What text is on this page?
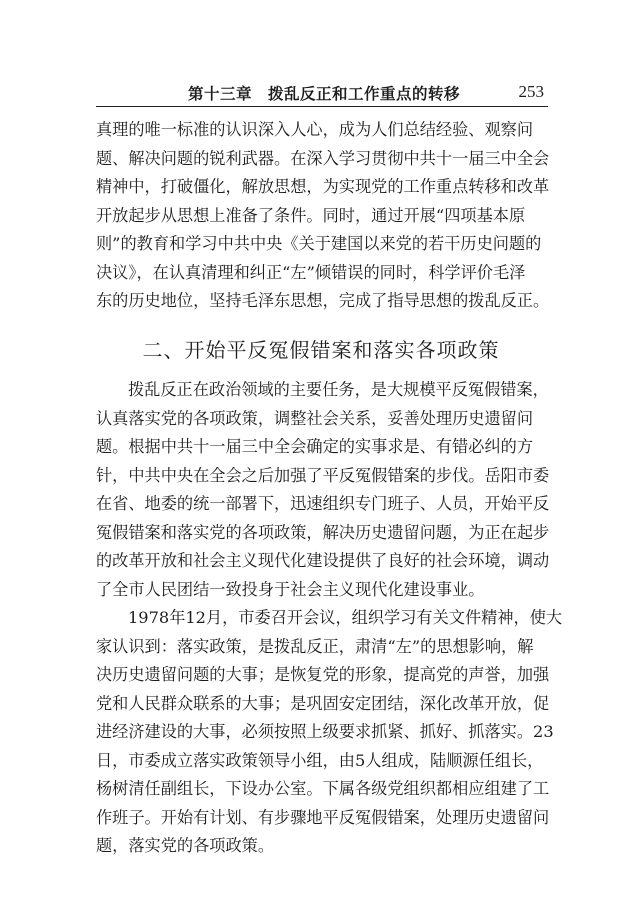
第十三章　拨乱反正和工作重点的转移	253
真理的唯一标准的认识深入人心，成为人们总结经验、观察问
题、解决问题的锐利武器。在深入学习贯彻中共十一届三中全会
精神中，打破僵化，解放思想，为实现党的工作重点转移和改革
开放起步从思想上准备了条件。同时，通过开展“四项基本原
则”的教育和学习中共中央《关于建国以来党的若干历史问题的
决议》，在认真清理和纠正“左”倾错误的同时，科学评价毛泽
东的历史地位，坚持毛泽东思想，完成了指导思想的拨乱反正。
二、开始平反冤假错案和落实各项政策
拨乱反正在政治领域的主要任务，是大规模平反冤假错案，
认真落实党的各项政策，调整社会关系，妥善处理历史遗留问
题。根据中共十一届三中全会确定的实事求是、有错必纠的方
针，中共中央在全会之后加强了平反冤假错案的步伐。岳阳市委
在省、地委的统一部署下，迅速组织专门班子、人员，开始平反
冤假错案和落实党的各项政策，解决历史遗留问题，为正在起步
的改革开放和社会主义现代化建设提供了良好的社会环境，调动
了全市人民团结一致投身于社会主义现代化建设事业。
1978年12月，市委召开会议，组织学习有关文件精神，使大
家认识到：落实政策，是拨乱反正，肃清“左”的思想影响，解
决历史遗留问题的大事；是恢复党的形象，提高党的声誉，加强
党和人民群众联系的大事；是巩固安定团结，深化改革开放，促
进经济建设的大事，必须按照上级要求抓紧、抓好、抓落实。23
日，市委成立落实政策领导小组，由5人组成，陆顺源任组长，
杨树清任副组长，下设办公室。下属各级党组织都相应组建了工
作班子。开始有计划、有步骤地平反冤假错案，处理历史遗留问
题，落实党的各项政策。
